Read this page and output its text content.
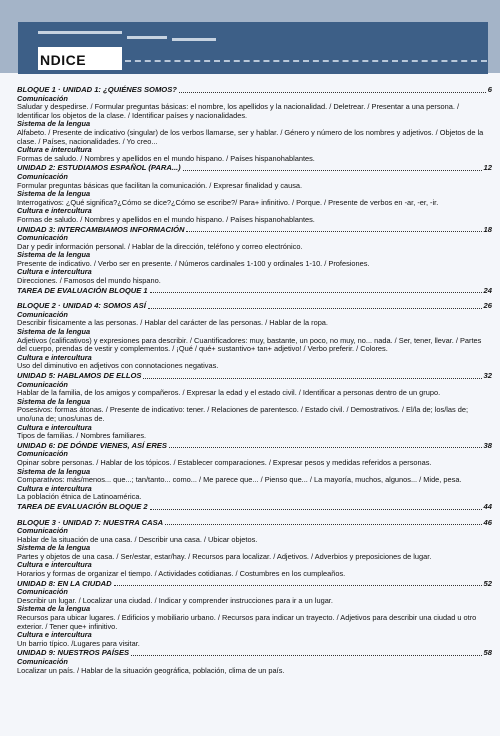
NDICE
BLOQUE 1 · UNIDAD 1: ¿QUIÉNES SOMOS?	6
Comunicación
Saludar y despedirse. / Formular preguntas básicas: el nombre, los apellidos y la nacionalidad. / Deletrear. / Presentar a una persona. / Identificar los objetos de la clase. / Identificar países y nacionalidades.
Sistema de la lengua
Alfabeto. / Presente de indicativo (singular) de los verbos llamarse, ser y hablar. / Género y número de los nombres y adjetivos. / Objetos de la clase. / Países, nacionalidades. / Yo creo...
Cultura e interculturа
Formas de saludo. / Nombres y apellidos en el mundo hispano. / Países hispanohablantes.
UNIDAD 2: ESTUDIAMOS ESPAÑOL (PARA...)	12
Comunicación
Formular preguntas básicas que facilitan la comunicación. / Expresar finalidad y causa.
Sistema de la lengua
Interrogativos: ¿Qué significa?¿Cómo se dice?¿Cómo se escribe?/ Para+ infinitivo. / Porque. / Presente de verbos en -ar, -er, -ir.
Cultura e interculturа
Formas de saludo. / Nombres y apellidos en el mundo hispano. / Países hispanohablantes.
UNIDAD 3: INTERCAMBIAMOS INFORMACIÓN	18
Comunicación
Dar y pedir información personal. / Hablar de la dirección, teléfono y correo electrónico.
Sistema de la lengua
Presente de indicativo. / Verbo ser en presente. / Números cardinales 1-100 y ordinales 1-10. / Profesiones.
Cultura e interculturа
Direcciones. / Famosos del mundo hispano.
TAREA DE EVALUACIÓN BLOQUE 1	24
BLOQUE 2 · UNIDAD 4: SOMOS ASÍ	26
Comunicación
Describir físicamente a las personas. / Hablar del carácter de las personas. / Hablar de la ropa.
Sistema de la lengua
Adjetivos (calificativos) y expresiones para describir. / Cuantificadores: muy, bastante, un poco, no muy, no... nada. / Ser, tener, llevar. / Partes del cuerpo, prendas de vestir y complementos. / ¡Qué / qué+ sustantivo+ tan+ adjetivo! / Verbo preferir. / Colores.
Cultura e interculturа
Uso del diminutivo en adjetivos con connotaciones negativas.
UNIDAD 5: HABLAMOS DE ELLOS	32
Comunicación
Hablar de la familia, de los amigos y compañeros. / Expresar la edad y el estado civil. / Identificar a personas dentro de un grupo.
Sistema de la lengua
Posesivos: formas átonas. / Presente de indicativo: tener. / Relaciones de parentesco. / Estado civil. / Demostrativos. / El/la de; los/las de; uno/una de; unos/unas de.
Cultura e interculturа
Tipos de familias. / Nombres familiares.
UNIDAD 6: DE DÓNDE VIENES, ASÍ ERES	38
Comunicación
Opinar sobre personas. / Hablar de los tópicos. / Establecer comparaciones. / Expresar pesos y medidas referidos a personas.
Sistema de la lengua
Comparativos: más/menos... que...; tan/tanto... como... / Me parece que... / Pienso que... / La mayoría, muchos, algunos... / Mide, pesa.
Cultura e interculturа
La población étnica de Latinoamérica.
TAREA DE EVALUACIÓN BLOQUE 2	44
BLOQUE 3 · UNIDAD 7: NUESTRA CASA	46
Comunicación
Hablar de la situación de una casa. / Describir una casa. / Ubicar objetos.
Sistema de la lengua
Partes y objetos de una casa. / Ser/estar, estar/hay. / Recursos para localizar. / Adjetivos. / Adverbios y preposiciones de lugar.
Cultura e interculturа
Horarios y formas de organizar el tiempo. / Actividades cotidianas. / Costumbres en los cumpleaños.
UNIDAD 8: EN LA CIUDAD	52
Comunicación
Describir un lugar. / Localizar una ciudad. / Indicar y comprender instrucciones para ir a un lugar.
Sistema de la lengua
Recursos para ubicar lugares. / Edificios y mobiliario urbano. / Recursos para indicar un trayecto. / Adjetivos para describir una ciudad u otro exterior. / Tener que+ infinitivo.
Cultura e interculturа
Un barrio típico. /Lugares para visitar.
UNIDAD 9: NUESTROS PAÍSES	58
Comunicación
Localizar un país. / Hablar de la situación geográfica, población, clima de un país.
